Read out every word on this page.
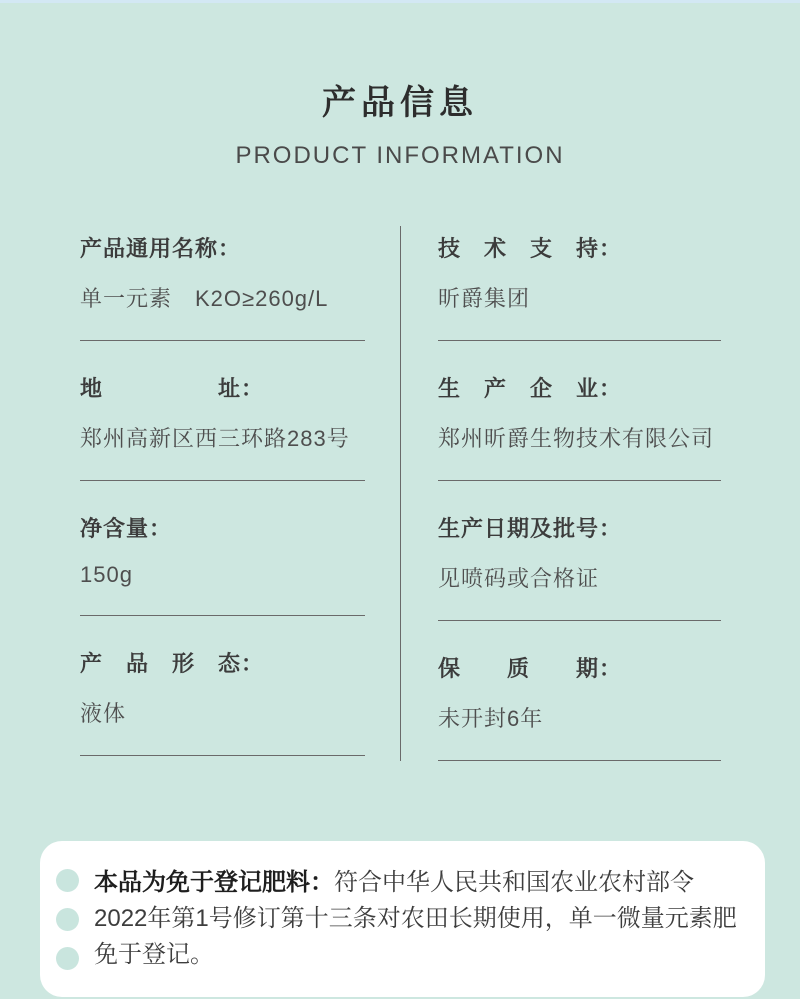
产品信息
PRODUCT INFORMATION
产品通用名称：
单一元素　K2O≥260g/L
地　　　　　址：
郑州高新区西三环路283号
净含量：
150g
产　品　形　态：
液体
技　术　支　持：
昕爵集团
生　产　企　业：
郑州昕爵生物技术有限公司
生产日期及批号：
见喷码或合格证
保　　质　　期：
未开封6年

本品为免于登记肥料：符合中华人民共和国农业农村部令2022年第1号修订第十三条对农田长期使用，单一微量元素肥免于登记。
